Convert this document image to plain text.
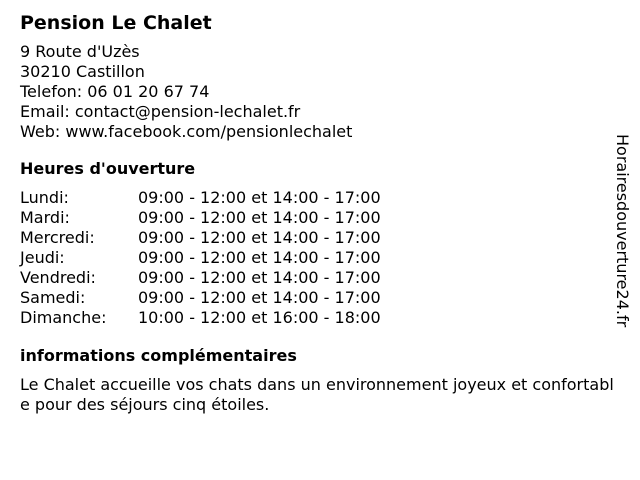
Pension Le Chalet
9 Route d'Uzès
30210 Castillon
Telefon: 06 01 20 67 74
Email: contact@pension-lechalet.fr
Web: www.facebook.com/pensionlechalet
Heures d'ouverture
Lundi:	09:00 - 12:00 et 14:00 - 17:00
Mardi:	09:00 - 12:00 et 14:00 - 17:00
Mercredi:	09:00 - 12:00 et 14:00 - 17:00
Jeudi:	09:00 - 12:00 et 14:00 - 17:00
Vendredi:	09:00 - 12:00 et 14:00 - 17:00
Samedi:	09:00 - 12:00 et 14:00 - 17:00
Dimanche:	10:00 - 12:00 et 16:00 - 18:00
informations complémentaires
Le Chalet accueille vos chats dans un environnement joyeux et confortable pour des séjours cinq étoiles.
Horairesdouverture24.fr
